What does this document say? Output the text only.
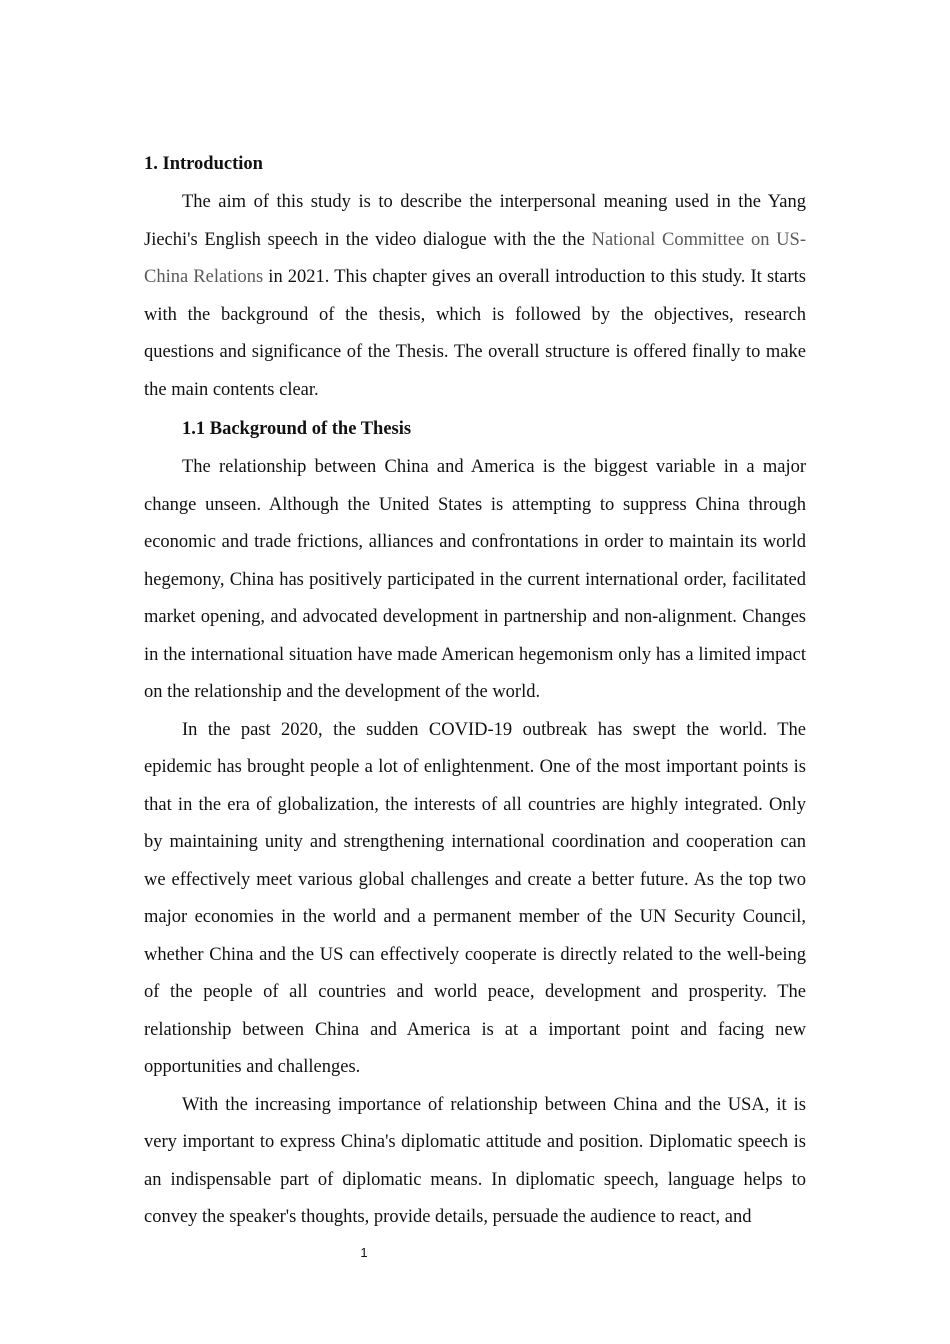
1. Introduction

The aim of this study is to describe the interpersonal meaning used in the Yang Jiechi's English speech in the video dialogue with the the National Committee on US-China Relations in 2021. This chapter gives an overall introduction to this study. It starts with the background of the thesis, which is followed by the objectives, research questions and significance of the Thesis. The overall structure is offered finally to make the main contents clear.

1.1 Background of the Thesis

The relationship between China and America is the biggest variable in a major change unseen. Although the United States is attempting to suppress China through economic and trade frictions, alliances and confrontations in order to maintain its world hegemony, China has positively participated in the current international order, facilitated market opening, and advocated development in partnership and non-alignment. Changes in the international situation have made American hegemonism only has a limited impact on the relationship and the development of the world.

In the past 2020, the sudden COVID-19 outbreak has swept the world. The epidemic has brought people a lot of enlightenment. One of the most important points is that in the era of globalization, the interests of all countries are highly integrated. Only by maintaining unity and strengthening international coordination and cooperation can we effectively meet various global challenges and create a better future. As the top two major economies in the world and a permanent member of the UN Security Council, whether China and the US can effectively cooperate is directly related to the well-being of the people of all countries and world peace, development and prosperity. The relationship between China and America is at a important point and facing new opportunities and challenges.

With the increasing importance of relationship between China and the USA, it is very important to express China's diplomatic attitude and position. Diplomatic speech is an indispensable part of diplomatic means. In diplomatic speech, language helps to convey the speaker's thoughts, provide details, persuade the audience to react, and

1
